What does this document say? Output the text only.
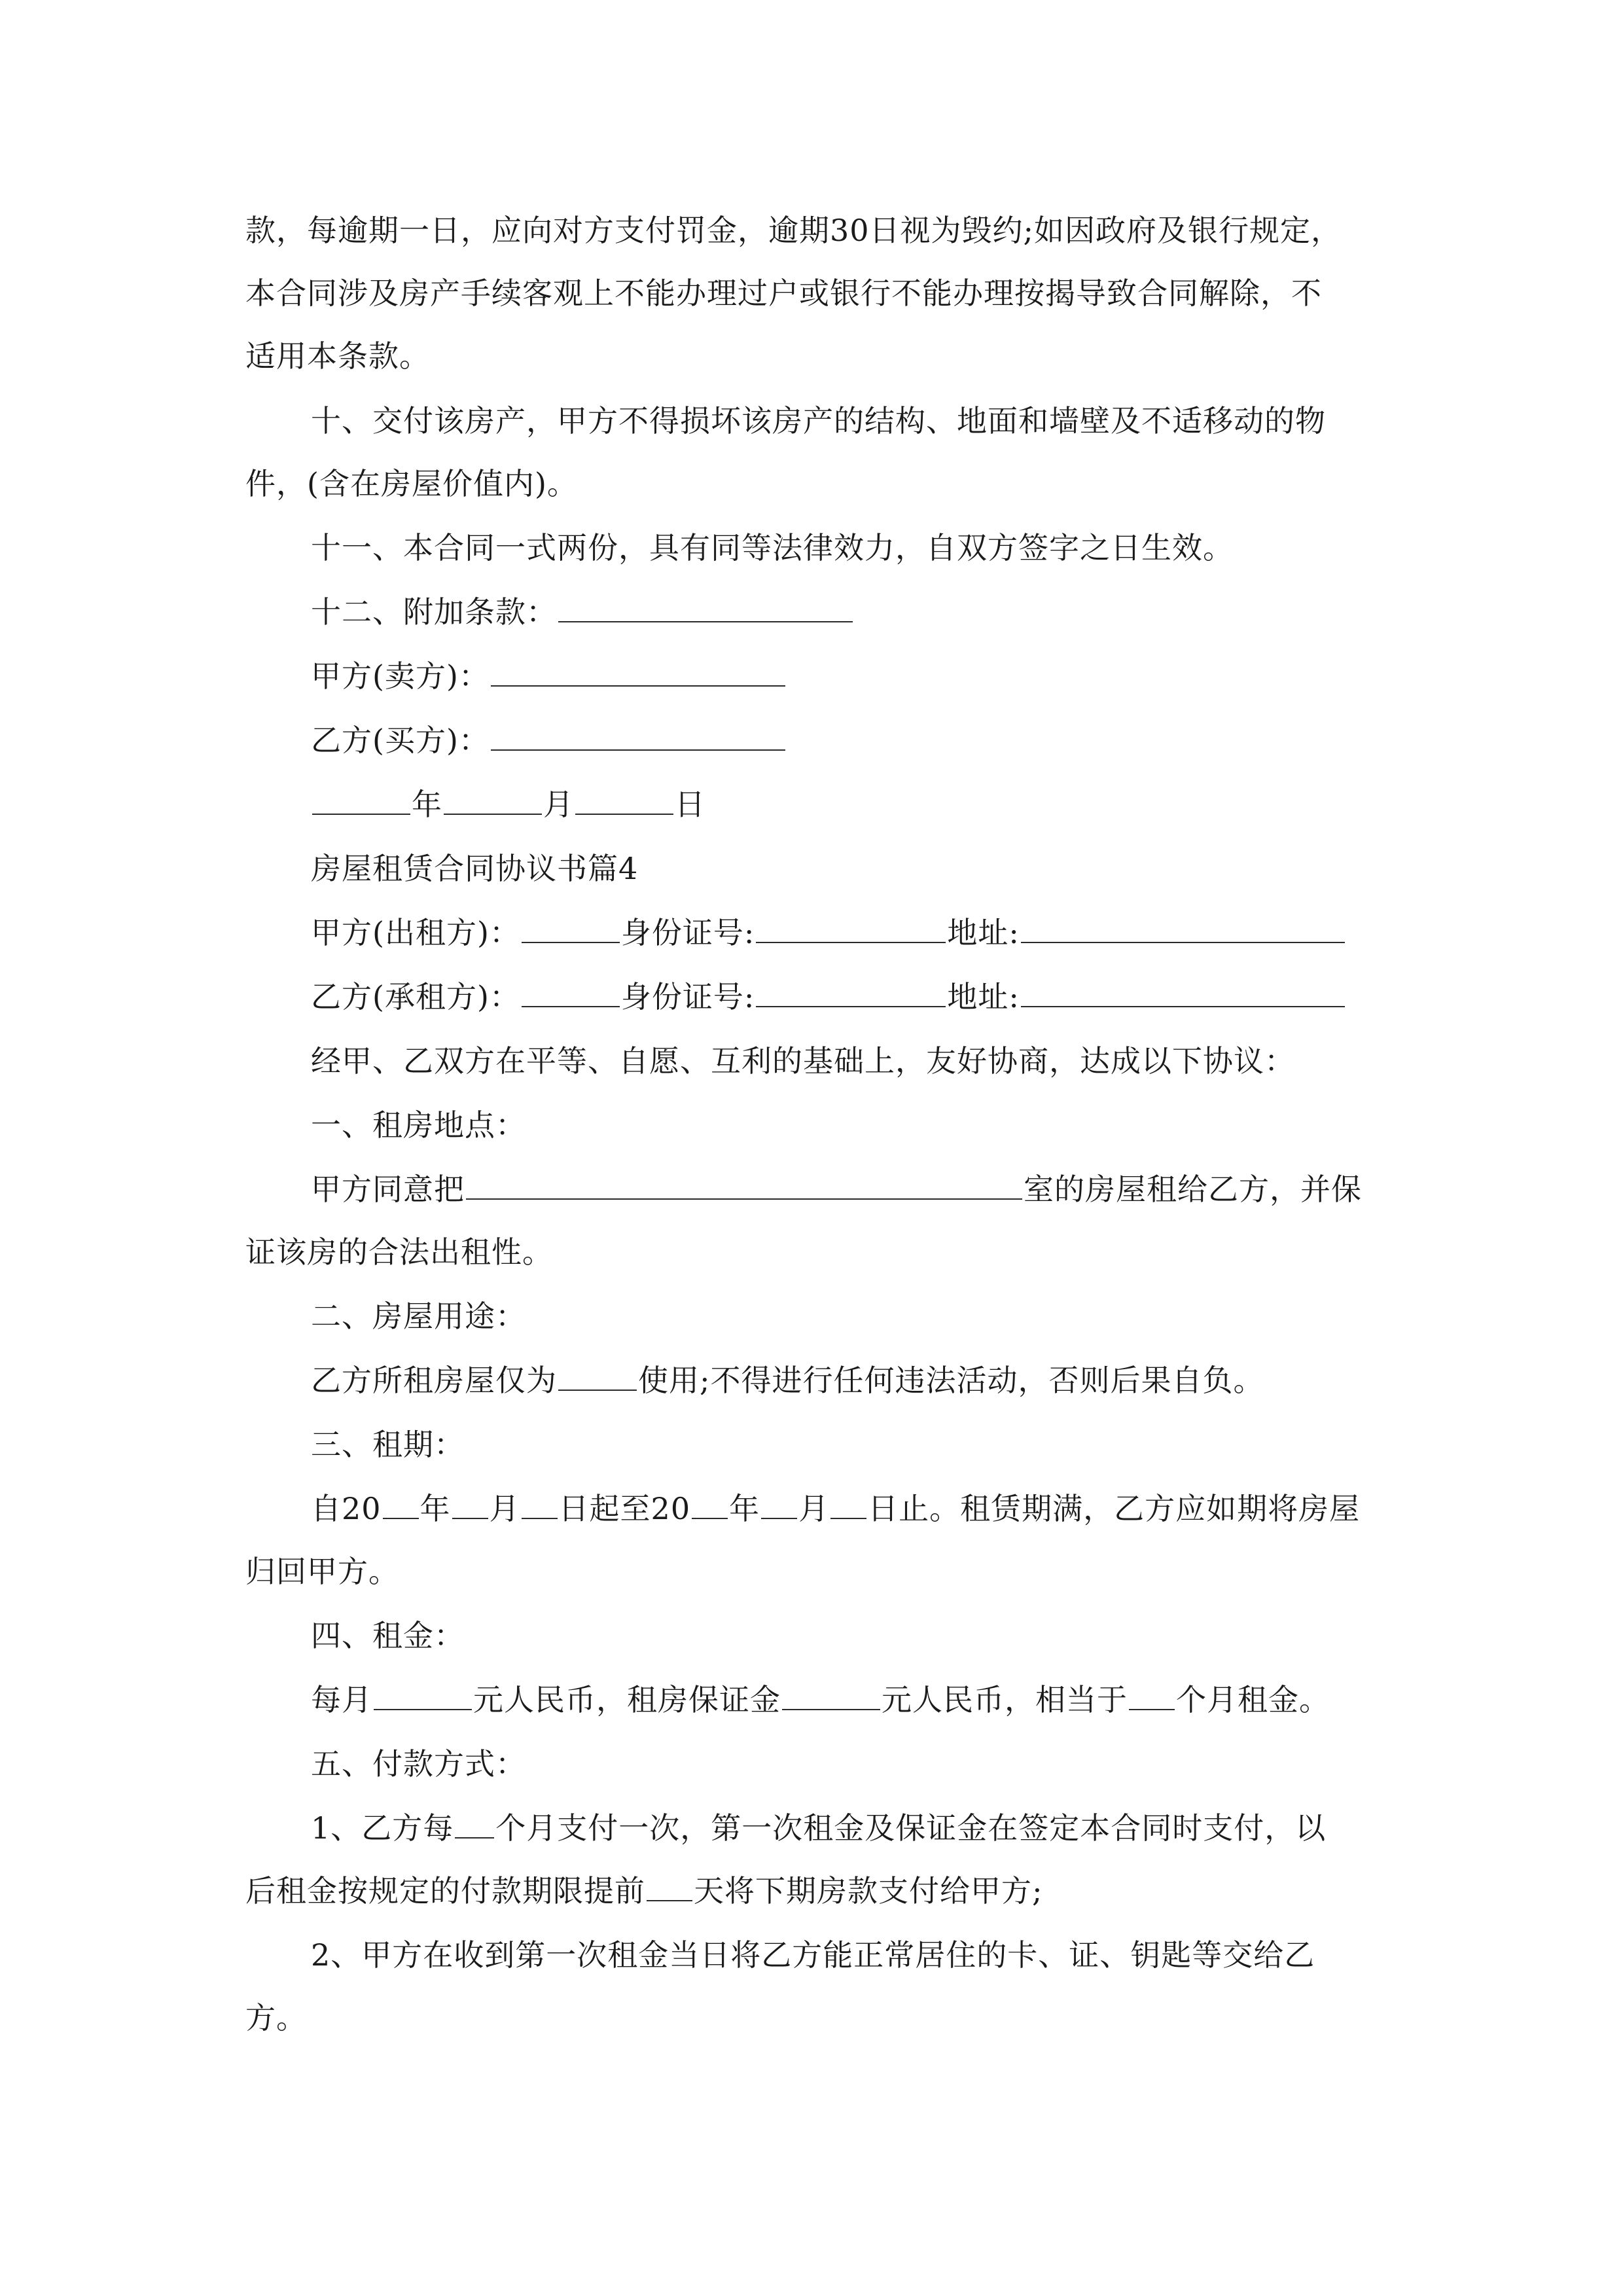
款，每逾期一日，应向对方支付罚金，逾期30日视为毁约;如因政府及银行规定，
本合同涉及房产手续客观上不能办理过户或银行不能办理按揭导致合同解除，不
适用本条款。
十、交付该房产，甲方不得损坏该房产的结构、地面和墙壁及不适移动的物
件，(含在房屋价值内)。
十一、本合同一式两份，具有同等法律效力，自双方签字之日生效。
十二、附加条款：
甲方(卖方)：
乙方(买方)：
年	月	日
房屋租赁合同协议书篇4
甲方(出租方)：	身份证号:	地址:
乙方(承租方)：	身份证号:	地址:
经甲、乙双方在平等、自愿、互利的基础上，友好协商，达成以下协议：
一、租房地点：
甲方同意把	室的房屋租给乙方，并保
证该房的合法出租性。
二、房屋用途：
乙方所租房屋仅为	使用;不得进行任何违法活动，否则后果自负。
三、租期：
自20 年 月 日起至20 年 月 日止。租赁期满，乙方应如期将房屋
归回甲方。
四、租金：
每月	元人民币，租房保证金	元人民币，相当于 个月租金。
五、付款方式：
1、乙方每 个月支付一次，第一次租金及保证金在签定本合同时支付，以
后租金按规定的付款期限提前 天将下期房款支付给甲方;
2、甲方在收到第一次租金当日将乙方能正常居住的卡、证、钥匙等交给乙
方。
